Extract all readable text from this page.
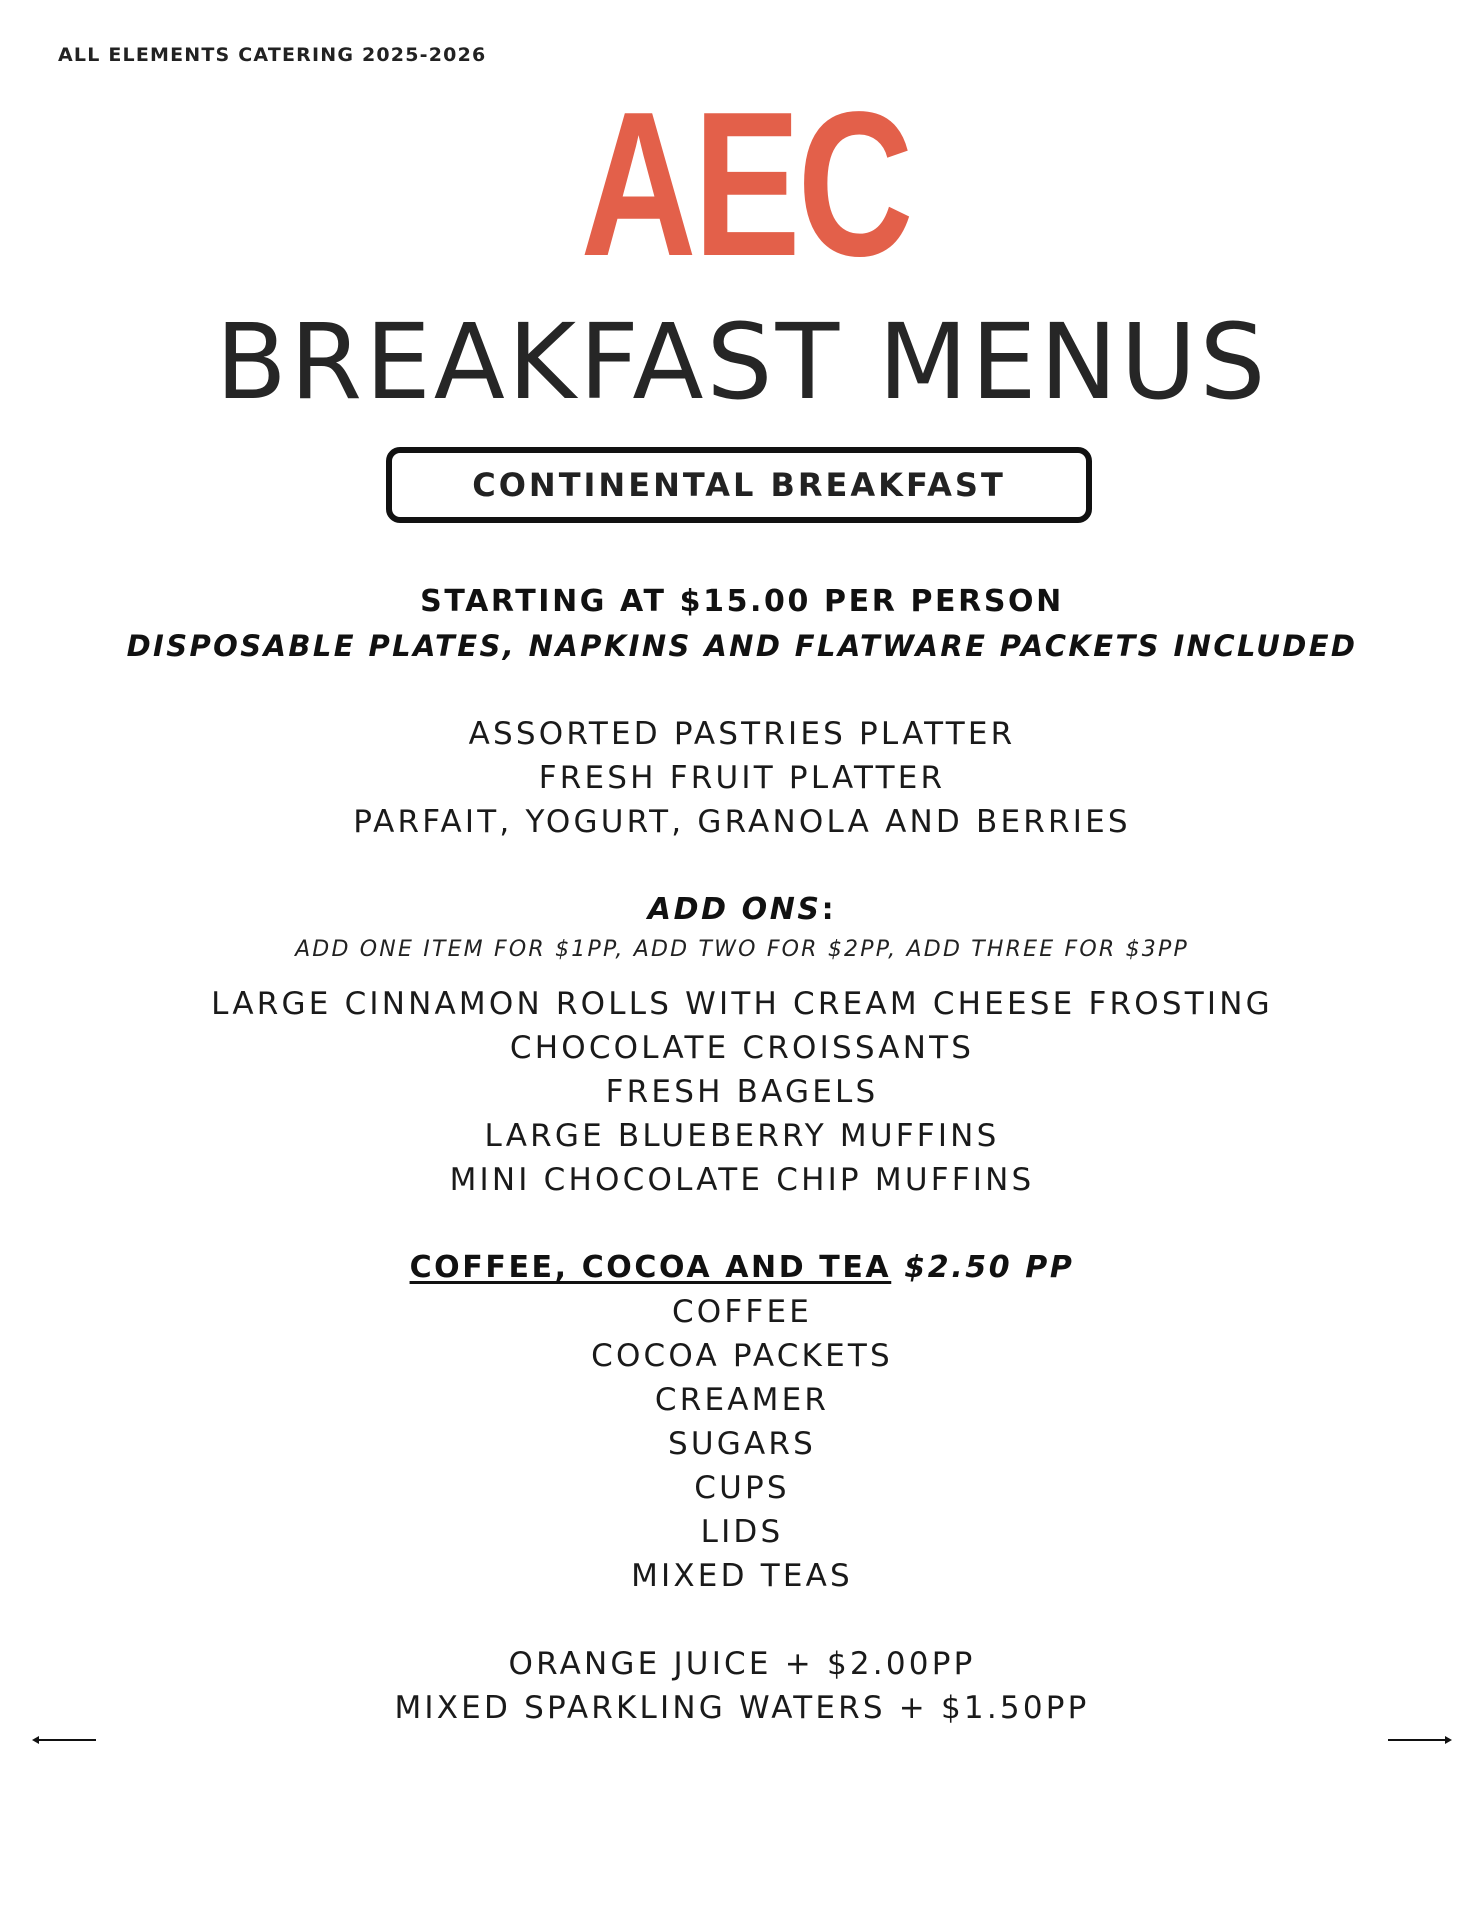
ALL ELEMENTS CATERING 2025-2026
AEC
BREAKFAST MENUS
CONTINENTAL BREAKFAST
STARTING AT $15.00 PER PERSON
DISPOSABLE PLATES, NAPKINS AND FLATWARE PACKETS INCLUDED
ASSORTED PASTRIES PLATTER
FRESH FRUIT PLATTER
PARFAIT, YOGURT, GRANOLA AND BERRIES
ADD ONS:
ADD ONE ITEM FOR $1PP, ADD TWO FOR $2PP, ADD THREE FOR $3PP
LARGE CINNAMON ROLLS WITH CREAM CHEESE FROSTING
CHOCOLATE CROISSANTS
FRESH BAGELS
LARGE BLUEBERRY MUFFINS
MINI CHOCOLATE CHIP MUFFINS
COFFEE, COCOA AND TEA $2.50 PP
COFFEE
COCOA PACKETS
CREAMER
SUGARS
CUPS
LIDS
MIXED TEAS
ORANGE JUICE + $2.00PP
MIXED SPARKLING WATERS + $1.50PP
